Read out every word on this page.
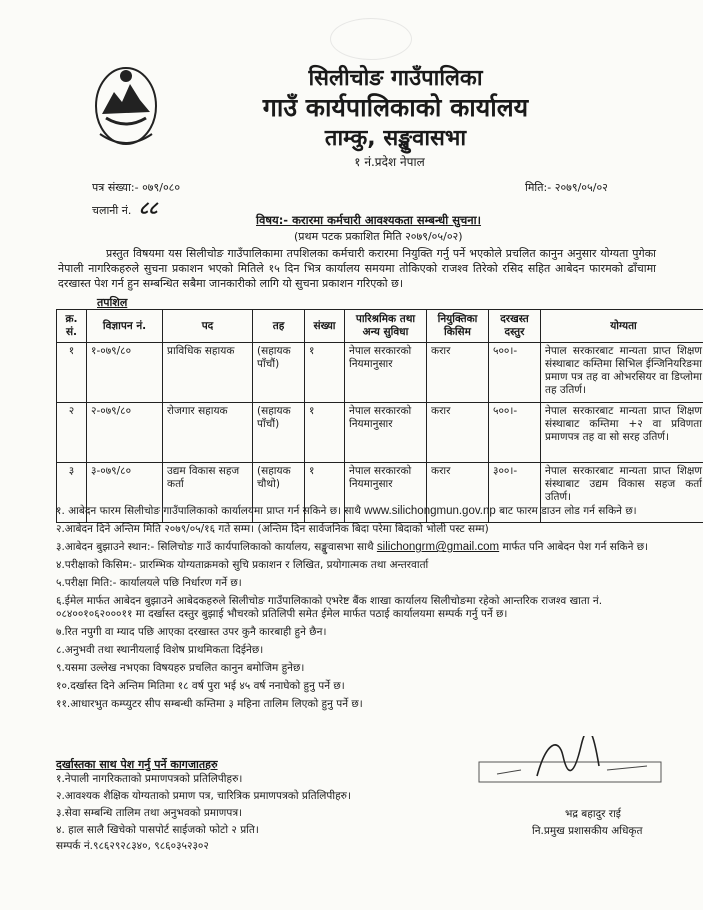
सिलीचोङ गाउँपालिका
गाउँ कार्यपालिकाको कार्यालय
ताम्कु, सङ्खुवासभा
१ नं.प्रदेश नेपाल
पत्र संख्या:- ०७९/०८०
चलानी नं. ८८
मिति:- २०७९/०५/०२
विषय:- करारमा कर्मचारी आवश्यकता सम्बन्धी सुचना।
(प्रथम पटक प्रकाशित मिति २०७९/०५/०२)
प्रस्तुत विषयमा यस सिलीचोङ गाउँपालिकामा तपशिलका कर्मचारी करारमा नियुक्ति गर्नु पर्ने भएकोले प्रचलित कानुन अनुसार योग्यता पुगेका नेपाली नागरिकहरुले सुचना प्रकाशन भएको मितिले १५ दिन भित्र कार्यालय समयमा तोकिएको राजश्व तिरेको रसिद सहित आबेदन फारमको ढाँचामा दरखास्त पेश गर्न हुन सम्बन्धित सबैमा जानकारीको लागि यो सुचना प्रकाशन गरिएको छ।
तपशिल
क्र. सं.	विज्ञापन नं.	पद	तह	संख्या	पारिश्रमिक तथा अन्य सुविधा	नियुक्तिका किसिम	दरखस्त दस्तुर	योग्यता
१	१-०७९/८०	प्राविधिक सहायक	(सहायक पाँचौं)	१	नेपाल सरकारको नियमानुसार	करार	५००।-	नेपाल सरकारबाट मान्यता प्राप्त शिक्षण संस्थाबाट कम्तिमा सिभिल ईन्जिनियरिङमा प्रमाण पत्र तह वा ओभरसियर वा डिप्लोमा तह उतिर्ण।
२	२-०७९/८०	रोजगार सहायक	(सहायक पाँचौं)	१	नेपाल सरकारको नियमानुसार	करार	५००।-	नेपाल सरकारबाट मान्यता प्राप्त शिक्षण संस्थाबाट कम्तिमा +२ वा प्रविणता प्रमाणपत्र तह वा सो सरह उतिर्ण।
३	३-०७९/८०	उद्यम विकास सहज कर्ता	(सहायक चौथो)	१	नेपाल सरकारको नियमानुसार	करार	३००।-	नेपाल सरकारबाट मान्यता प्राप्त शिक्षण संस्थाबाट उद्यम विकास सहज कर्ता उतिर्ण।
१. आबेदन फारम सिलीचोङ गाउँपालिकाको कार्यालयमा प्राप्त गर्न सकिने छ। साथै www.silichongmun.gov.np बाट फारम डाउन लोड गर्न सकिने छ।
२.आबेदन दिने अन्तिम मिति २०७९/०५/१६ गते सम्म। (अन्तिम दिन सार्वजनिक बिदा परेमा बिदाको भोली पस्ट सम्म)
३.आबेदन बुझाउने स्थान:- सिलिचोङ गाउँ कार्यपालिकाको कार्यालय, सङ्खुवासभा साथै silichongrm@gmail.com मार्फत पनि आबेदन पेश गर्न सकिने छ।
४.परीक्षाको किसिम:- प्रारम्भिक योग्यताक्रमको सुचि प्रकाशन र लिखित, प्रयोगात्मक तथा अन्तरवार्ता
५.परीक्षा मिति:- कार्यालयले पछि निर्धारण गर्ने छ।
६.ईमेल मार्फत आबेदन बुझाउने आबेदकहरुले सिलीचोङ गाउँपालिकाको एभरेष्ट बैंक शाखा कार्यालय सिलीचोङमा रहेको आन्तरिक राजश्व खाता नं. ०८४००१०६२०००११ मा दर्खास्त दस्तुर बुझाई भौचरको प्रतिलिपी समेत ईमेल मार्फत पठाई कार्यालयमा सम्पर्क गर्नु पर्ने छ।
७.रित नपुगी वा म्याद पछि आएका दरखास्त उपर कुनै कारबाही हुने छैन।
८.अनुभवी तथा स्थानीयलाई विशेष प्राथमिकता दिईनेछ।
९.यसमा उल्लेख नभएका विषयहरु प्रचलित कानुन बमोजिम हुनेछ।
१०.दर्खास्त दिने अन्तिम मितिमा १८ वर्ष पुरा भई ४५ वर्ष ननाघेको हुनु पर्ने छ।
११.आधारभुत कम्प्युटर सीप सम्बन्धी कम्तिमा ३ महिना तालिम लिएको हुनु पर्ने छ।
दर्खास्तका साथ पेश गर्नु पर्ने कागजातहरु
१.नेपाली नागरिकताको प्रमाणपत्रको प्रतिलिपीहरु।
२.आवश्यक शैक्षिक योग्यताको प्रमाण पत्र, चारित्रिक प्रमाणपत्रको प्रतिलिपीहरु।
३.सेवा सम्बन्धि तालिम तथा अनुभवको प्रमाणपत्र।
४. हाल सालै खिचेको पासपोर्ट साईजको फोटो २ प्रति।
सम्पर्क नं.९८६२९२८३४०, ९८६०३५२३०२
भद्र बहादुर राई
नि.प्रमुख प्रशासकीय अधिकृत
